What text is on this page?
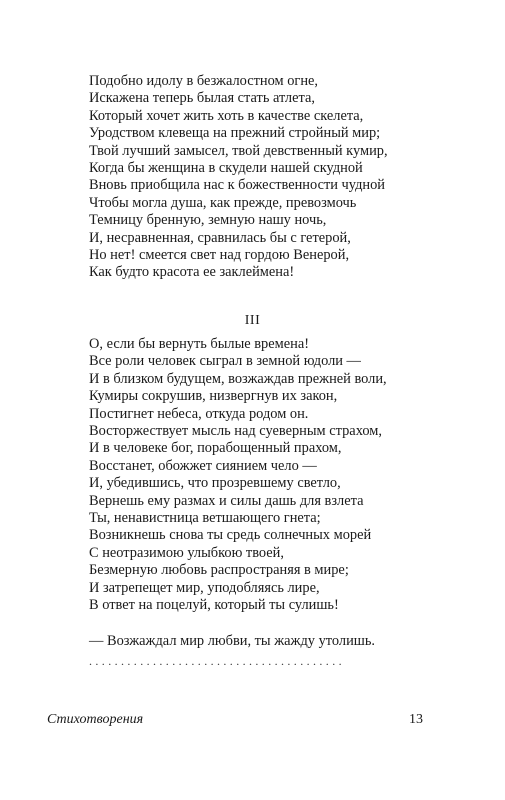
Подобно идолу в безжалостном огне,
Искажена теперь былая стать атлета,
Который хочет жить хоть в качестве скелета,
Уродством клевеща на прежний стройный мир;
Твой лучший замысел, твой девственный кумир,
Когда бы женщина в скудели нашей скудной
Вновь приобщила нас к божественности чудной
Чтобы могла душа, как прежде, превозмочь
Темницу бренную, земную нашу ночь,
И, несравненная, сравнилась бы с гетерой,
Но нет! смеется свет над гордою Венерой,
Как будто красота ее заклеймена!
III
О, если бы вернуть былые времена!
Все роли человек сыграл в земной юдоли —
И в близком будущем, возжаждав прежней воли,
Кумиры сокрушив, низвергнув их закон,
Постигнет небеса, откуда родом он.
Восторжествует мысль над суеверным страхом,
И в человеке бог, порабощенный прахом,
Восстанет, обожжет сиянием чело —
И, убедившись, что прозревшему светло,
Вернешь ему размах и силы дашь для взлета
Ты, ненавистница ветшающего гнета;
Возникнешь снова ты средь солнечных морей
С неотразимою улыбкою твоей,
Безмерную любовь распространяя в мире;
И затрепещет мир, уподобляясь лире,
В ответ на поцелуй, который ты сулишь!
— Возжаждал мир любви, ты жажду утолишь.
........................................
Стихотворения	13
